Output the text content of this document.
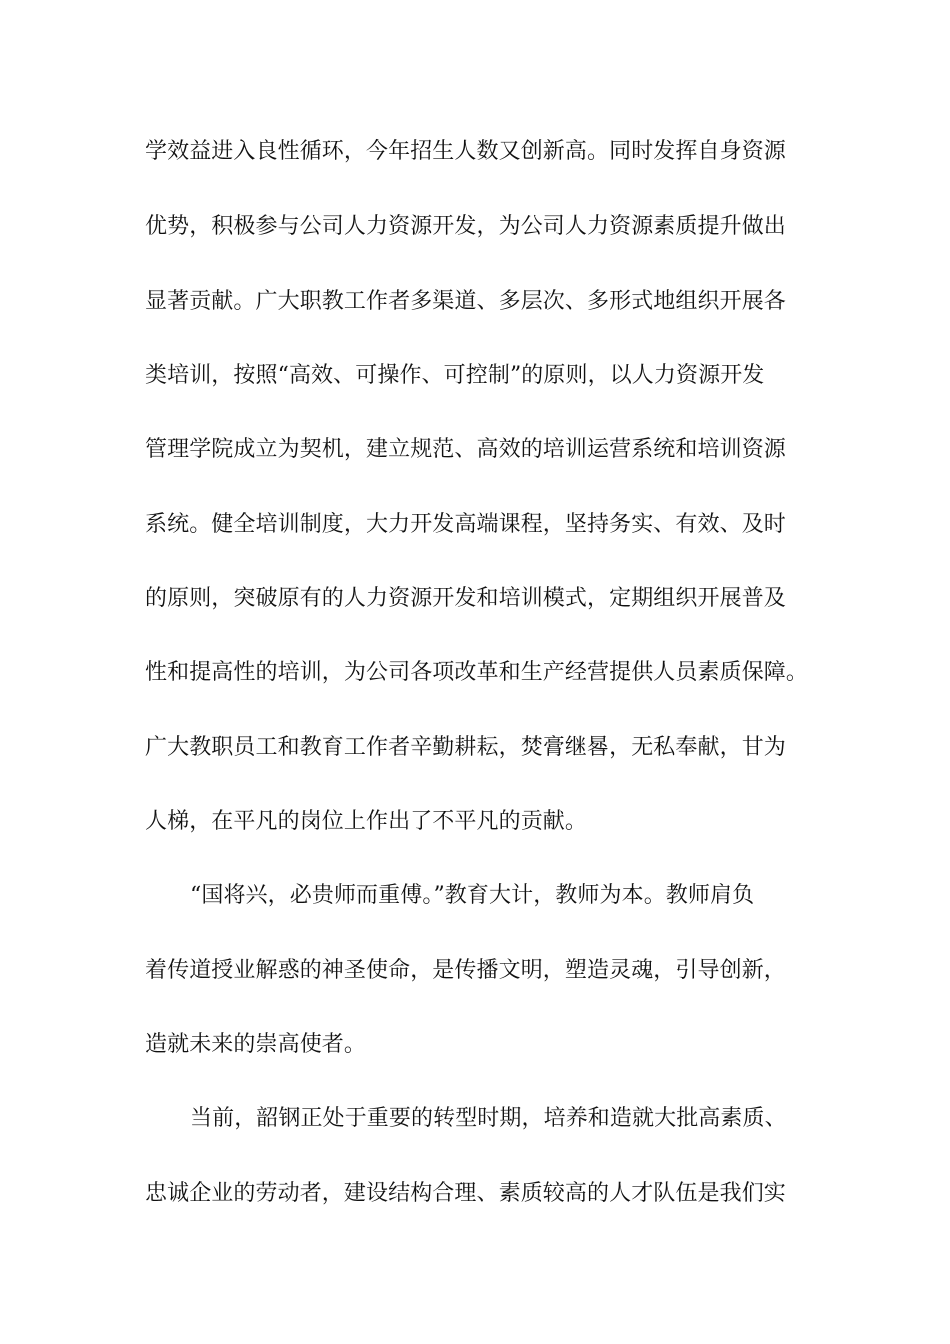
学效益进入良性循环，今年招生人数又创新高。同时发挥自身资源
优势，积极参与公司人力资源开发，为公司人力资源素质提升做出
显著贡献。广大职教工作者多渠道、多层次、多形式地组织开展各
类培训，按照“高效、可操作、可控制”的原则，以人力资源开发
管理学院成立为契机，建立规范、高效的培训运营系统和培训资源
系统。健全培训制度，大力开发高端课程，坚持务实、有效、及时
的原则，突破原有的人力资源开发和培训模式，定期组织开展普及
性和提高性的培训，为公司各项改革和生产经营提供人员素质保障。
广大教职员工和教育工作者辛勤耕耘，焚膏继晷，无私奉献，甘为
人梯，在平凡的岗位上作出了不平凡的贡献。
“国将兴，必贵师而重傅。”教育大计，教师为本。教师肩负
着传道授业解惑的神圣使命，是传播文明，塑造灵魂，引导创新，
造就未来的崇高使者。
当前，韶钢正处于重要的转型时期，培养和造就大批高素质、
忠诚企业的劳动者，建设结构合理、素质较高的人才队伍是我们实
